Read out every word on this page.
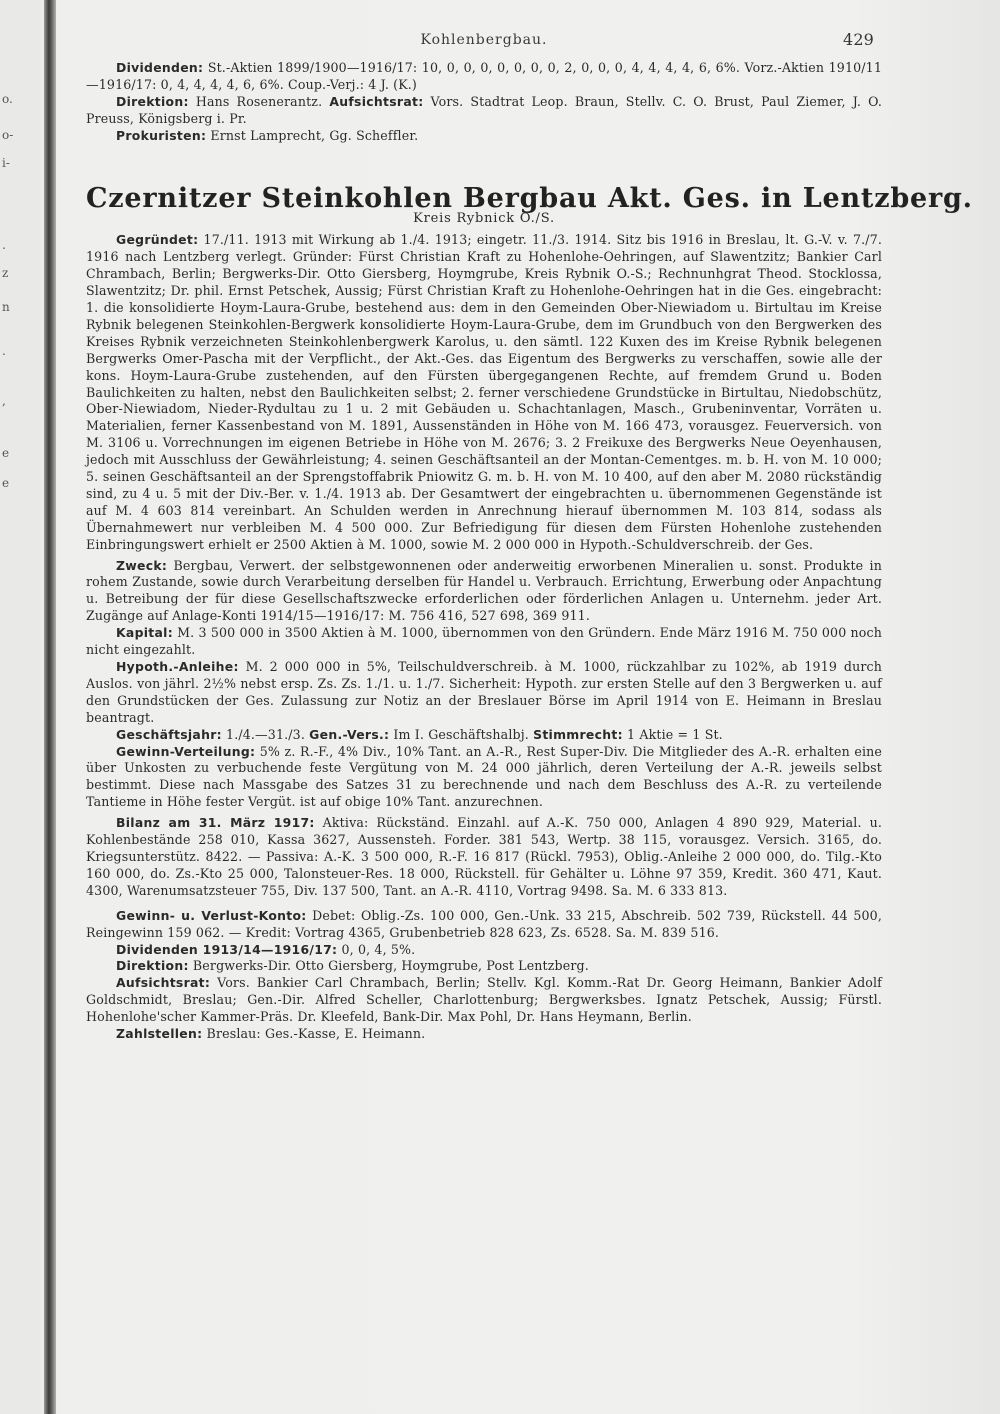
o.
o-
i-
.
z
n
.
,
e
e
Kohlenbergbau.	429

Dividenden: St.-Aktien 1899/1900—1916/17: 10, 0, 0, 0, 0, 0, 0, 0, 2, 0, 0, 0, 4, 4, 4, 4, 6, 6%. Vorz.-Aktien 1910/11—1916/17: 0, 4, 4, 4, 4, 6, 6%. Coup.-Verj.: 4 J. (K.)

Direktion: Hans Rosenerantz. Aufsichtsrat: Vors. Stadtrat Leop. Braun, Stellv. C. O. Brust, Paul Ziemer, J. O. Preuss, Königsberg i. Pr.

Prokuristen: Ernst Lamprecht, Gg. Scheffler.

Czernitzer Steinkohlen Bergbau Akt. Ges. in Lentzberg.
Kreis Rybnick O./S.

Gegründet: 17./11. 1913 mit Wirkung ab 1./4. 1913; eingetr. 11./3. 1914. Sitz bis 1916 in Breslau, lt. G.-V. v. 7./7. 1916 nach Lentzberg verlegt. Gründer: Fürst Christian Kraft zu Hohenlohe-Oehringen, auf Slawentzitz; Bankier Carl Chrambach, Berlin; Bergwerks-Dir. Otto Giersberg, Hoymgrube, Kreis Rybnik O.-S.; Rechnunhgrat Theod. Stocklossa, Slawentzitz; Dr. phil. Ernst Petschek, Aussig; Fürst Christian Kraft zu Hohenlohe-Oehringen hat in die Ges. eingebracht: 1. die konsolidierte Hoym-Laura-Grube, bestehend aus: dem in den Gemeinden Ober-Niewiadom u. Birtultau im Kreise Rybnik belegenen Steinkohlen-Bergwerk konsolidierte Hoym-Laura-Grube, dem im Grundbuch von den Bergwerken des Kreises Rybnik verzeichneten Steinkohlenbergwerk Karolus, u. den sämtl. 122 Kuxen des im Kreise Rybnik belegenen Bergwerks Omer-Pascha mit der Verpflicht., der Akt.-Ges. das Eigentum des Bergwerks zu verschaffen, sowie alle der kons. Hoym-Laura-Grube zustehenden, auf den Fürsten übergegangenen Rechte, auf fremdem Grund u. Boden Baulichkeiten zu halten, nebst den Baulichkeiten selbst; 2. ferner verschiedene Grundstücke in Birtultau, Niedobschütz, Ober-Niewiadom, Nieder-Rydultau zu 1 u. 2 mit Gebäuden u. Schachtanlagen, Masch., Grubeninventar, Vorräten u. Materialien, ferner Kassenbestand von M. 1891, Aussenständen in Höhe von M. 166 473, vorausgez. Feuerversich. von M. 3106 u. Vorrechnungen im eigenen Betriebe in Höhe von M. 2676; 3. 2 Freikuxe des Bergwerks Neue Oeyenhausen, jedoch mit Ausschluss der Gewährleistung; 4. seinen Geschäftsanteil an der Montan-Cementges. m. b. H. von M. 10 000; 5. seinen Geschäftsanteil an der Sprengstoffabrik Pniowitz G. m. b. H. von M. 10 400, auf den aber M. 2080 rückständig sind, zu 4 u. 5 mit der Div.-Ber. v. 1./4. 1913 ab. Der Gesamtwert der eingebrachten u. übernommenen Gegenstände ist auf M. 4 603 814 vereinbart. An Schulden werden in Anrechnung hierauf übernommen M. 103 814, sodass als Übernahmewert nur verbleiben M. 4 500 000. Zur Befriedigung für diesen dem Fürsten Hohenlohe zustehenden Einbringungswert erhielt er 2500 Aktien à M. 1000, sowie M. 2 000 000 in Hypoth.-Schuldverschreib. der Ges.

Zweck: Bergbau, Verwert. der selbstgewonnenen oder anderweitig erworbenen Mineralien u. sonst. Produkte in rohem Zustande, sowie durch Verarbeitung derselben für Handel u. Verbrauch. Errichtung, Erwerbung oder Anpachtung u. Betreibung der für diese Gesellschaftszwecke erforderlichen oder förderlichen Anlagen u. Unternehm. jeder Art. Zugänge auf Anlage-Konti 1914/15—1916/17: M. 756 416, 527 698, 369 911.

Kapital: M. 3 500 000 in 3500 Aktien à M. 1000, übernommen von den Gründern. Ende März 1916 M. 750 000 noch nicht eingezahlt.

Hypoth.-Anleihe: M. 2 000 000 in 5%, Teilschuldverschreib. à M. 1000, rückzahlbar zu 102%, ab 1919 durch Auslos. von jährl. 2½% nebst ersp. Zs. Zs. 1./1. u. 1./7. Sicherheit: Hypoth. zur ersten Stelle auf den 3 Bergwerken u. auf den Grundstücken der Ges. Zulassung zur Notiz an der Breslauer Börse im April 1914 von E. Heimann in Breslau beantragt.

Geschäftsjahr: 1./4.—31./3. Gen.-Vers.: Im I. Geschäftshalbj. Stimmrecht: 1 Aktie = 1 St.

Gewinn-Verteilung: 5% z. R.-F., 4% Div., 10% Tant. an A.-R., Rest Super-Div. Die Mitglieder des A.-R. erhalten eine über Unkosten zu verbuchende feste Vergütung von M. 24 000 jährlich, deren Verteilung der A.-R. jeweils selbst bestimmt. Diese nach Massgabe des Satzes 31 zu berechnende und nach dem Beschluss des A.-R. zu verteilende Tantieme in Höhe fester Vergüt. ist auf obige 10% Tant. anzurechnen.

Bilanz am 31. März 1917: Aktiva: Rückständ. Einzahl. auf A.-K. 750 000, Anlagen 4 890 929, Material. u. Kohlenbestände 258 010, Kassa 3627, Aussensteh. Forder. 381 543, Wertp. 38 115, vorausgez. Versich. 3165, do. Kriegsunterstütz. 8422. — Passiva: A.-K. 3 500 000, R.-F. 16 817 (Rückl. 7953), Oblig.-Anleihe 2 000 000, do. Tilg.-Kto 160 000, do. Zs.-Kto 25 000, Talonsteuer-Res. 18 000, Rückstell. für Gehälter u. Löhne 97 359, Kredit. 360 471, Kaut. 4300, Warenumsatzsteuer 755, Div. 137 500, Tant. an A.-R. 4110, Vortrag 9498. Sa. M. 6 333 813.

Gewinn- u. Verlust-Konto: Debet: Oblig.-Zs. 100 000, Gen.-Unk. 33 215, Abschreib. 502 739, Rückstell. 44 500, Reingewinn 159 062. — Kredit: Vortrag 4365, Grubenbetrieb 828 623, Zs. 6528. Sa. M. 839 516.

Dividenden 1913/14—1916/17: 0, 0, 4, 5%.

Direktion: Bergwerks-Dir. Otto Giersberg, Hoymgrube, Post Lentzberg.

Aufsichtsrat: Vors. Bankier Carl Chrambach, Berlin; Stellv. Kgl. Komm.-Rat Dr. Georg Heimann, Bankier Adolf Goldschmidt, Breslau; Gen.-Dir. Alfred Scheller, Charlottenburg; Bergwerksbes. Ignatz Petschek, Aussig; Fürstl. Hohenlohe'scher Kammer-Präs. Dr. Kleefeld, Bank-Dir. Max Pohl, Dr. Hans Heymann, Berlin.

Zahlstellen: Breslau: Ges.-Kasse, E. Heimann.
